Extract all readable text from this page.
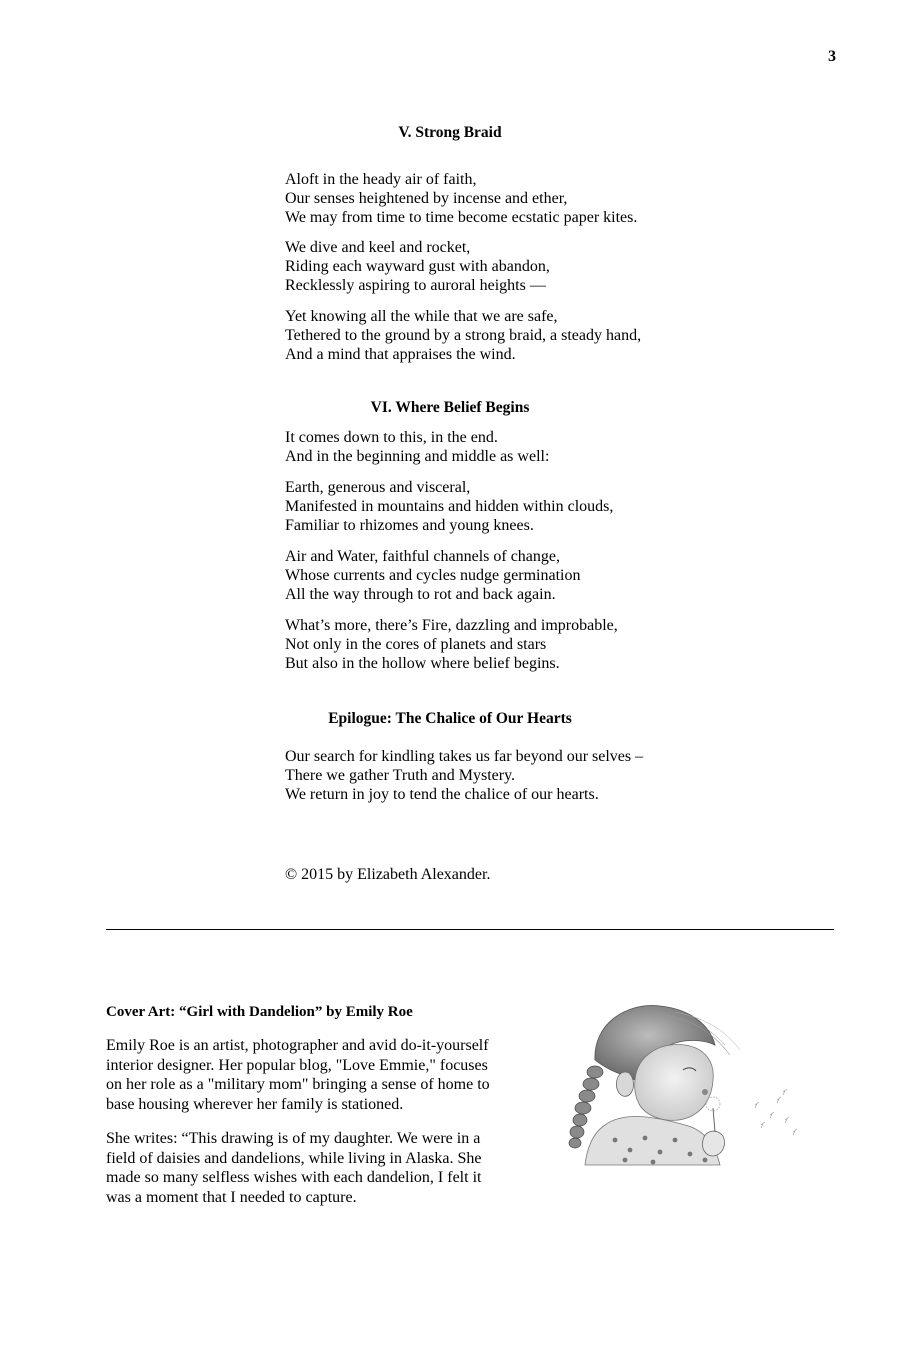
3
V. Strong Braid
Aloft in the heady air of faith,
Our senses heightened by incense and ether,
We may from time to time become ecstatic paper kites.
We dive and keel and rocket,
Riding each wayward gust with abandon,
Recklessly aspiring to auroral heights —
Yet knowing all the while that we are safe,
Tethered to the ground by a strong braid, a steady hand,
And a mind that appraises the wind.
VI. Where Belief Begins
It comes down to this, in the end.
And in the beginning and middle as well:
Earth, generous and visceral,
Manifested in mountains and hidden within clouds,
Familiar to rhizomes and young knees.
Air and Water, faithful channels of change,
Whose currents and cycles nudge germination
All the way through to rot and back again.
What’s more, there’s Fire, dazzling and improbable,
Not only in the cores of planets and stars
But also in the hollow where belief begins.
Epilogue: The Chalice of Our Hearts
Our search for kindling takes us far beyond our selves –
There we gather Truth and Mystery.
We return in joy to tend the chalice of our hearts.
© 2015 by Elizabeth Alexander.
Cover Art: “Girl with Dandelion” by Emily Roe
Emily Roe is an artist, photographer and avid do-it-yourself
interior designer. Her popular blog, "Love Emmie," focuses
on her role as a "military mom" bringing a sense of home to
base housing wherever her family is stationed.
She writes: “This drawing is of my daughter. We were in a
field of daisies and dandelions, while living in Alaska. She
made so many selfless wishes with each dandelion, I felt it
was a moment that I needed to capture.
